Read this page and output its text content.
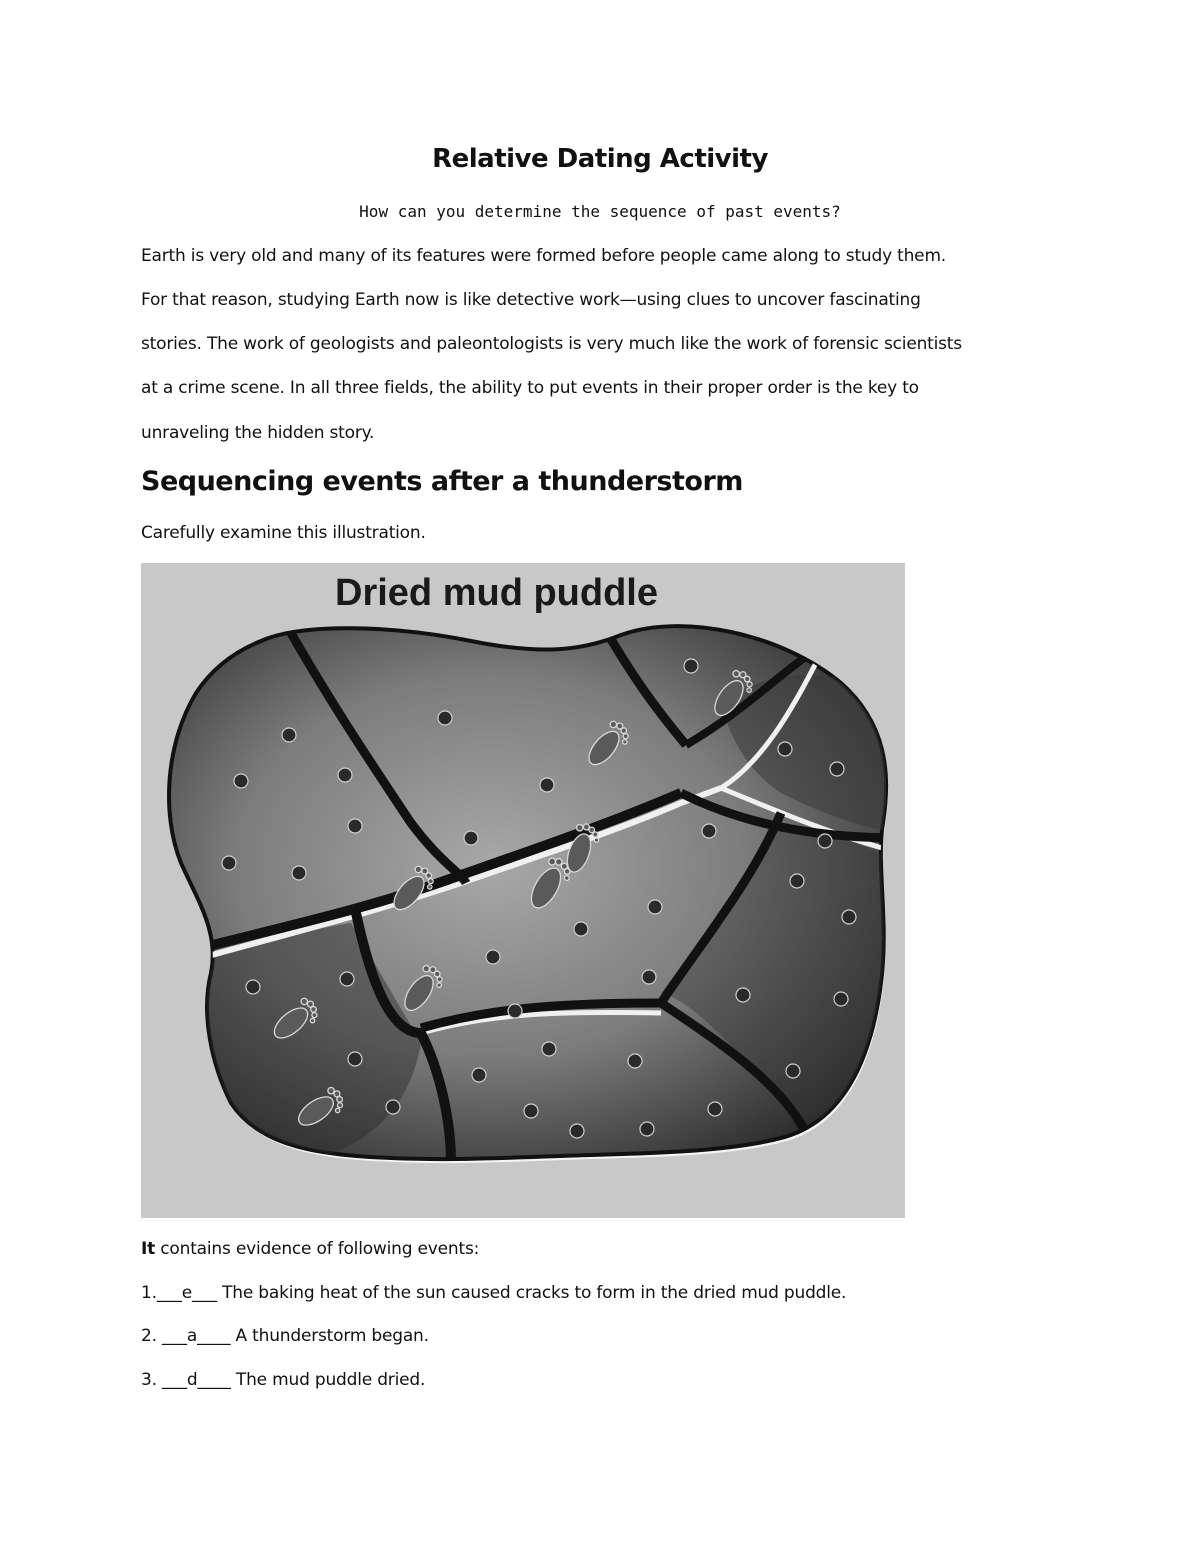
Relative Dating Activity
How can you determine the sequence of past events?
Earth is very old and many of its features were formed before people came along to study them.
For that reason, studying Earth now is like detective work—using clues to uncover fascinating
stories. The work of geologists and paleontologists is very much like the work of forensic scientists
at a crime scene. In all three fields, the ability to put events in their proper order is the key to
unraveling the hidden story.
Sequencing events after a thunderstorm
Carefully examine this illustration.
Dried mud puddle
It contains evidence of following events:
1.___e___ The baking heat of the sun caused cracks to form in the dried mud puddle.
2. ___a____ A thunderstorm began.
3. ___d____ The mud puddle dried.
